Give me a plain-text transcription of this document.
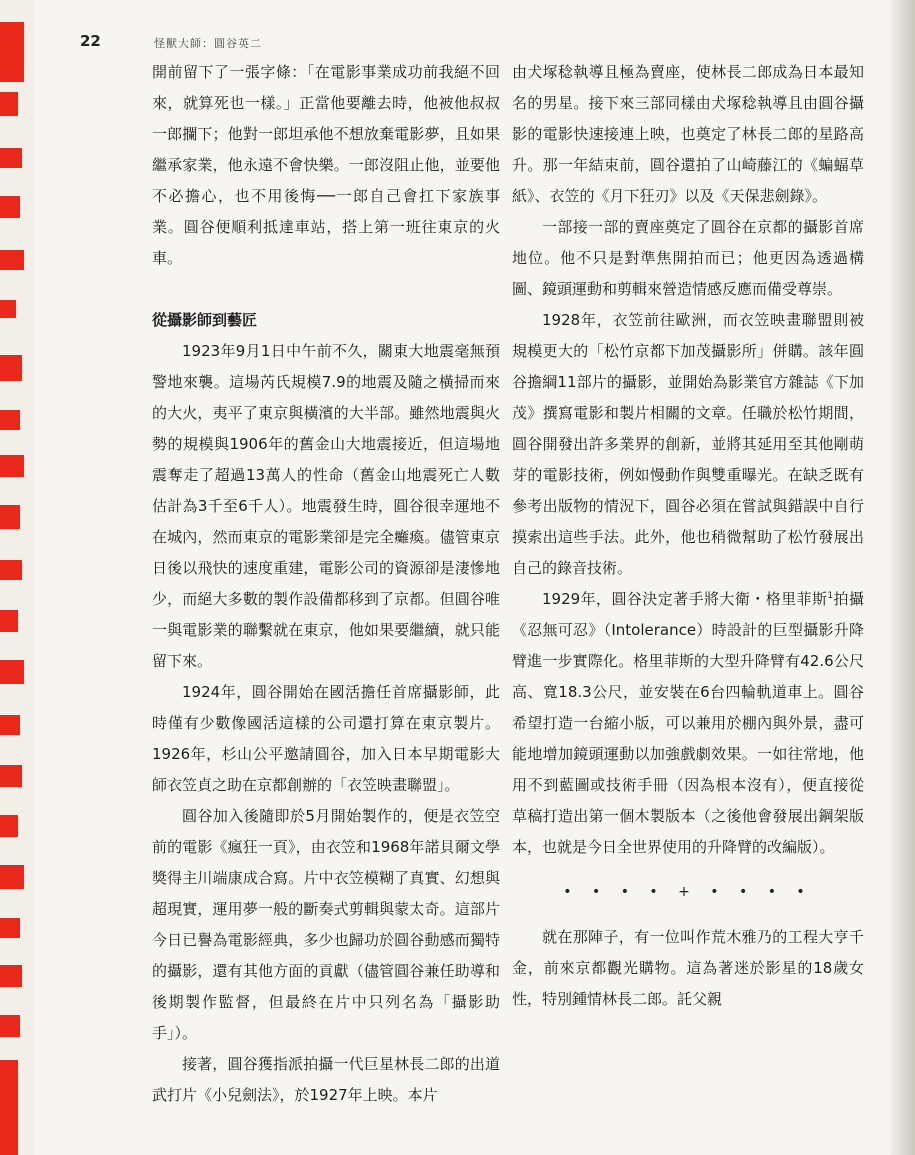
22	怪獸大師：圓谷英二

開前留下了一張字條：「在電影事業成功前我絕不回來，就算死也一樣。」正當他要離去時，他被他叔叔一郎攔下；他對一郎坦承他不想放棄電影夢，且如果繼承家業，他永遠不會快樂。一郎沒阻止他，並要他不必擔心，也不用後悔──一郎自己會扛下家族事業。圓谷便順利抵達車站，搭上第一班往東京的火車。

從攝影師到藝匠

1923年9月1日中午前不久，關東大地震毫無預警地來襲。這場芮氏規模7.9的地震及隨之橫掃而來的大火，夷平了東京與橫濱的大半部。雖然地震與火勢的規模與1906年的舊金山大地震接近，但這場地震奪走了超過13萬人的性命（舊金山地震死亡人數估計為3千至6千人）。地震發生時，圓谷很幸運地不在城內，然而東京的電影業卻是完全癱瘓。儘管東京日後以飛快的速度重建，電影公司的資源卻是淒慘地少，而絕大多數的製作設備都移到了京都。但圓谷唯一與電影業的聯繫就在東京，他如果要繼續，就只能留下來。

1924年，圓谷開始在國活擔任首席攝影師，此時僅有少數像國活這樣的公司還打算在東京製片。1926年，杉山公平邀請圓谷，加入日本早期電影大師衣笠貞之助在京都創辦的「衣笠映畫聯盟」。

圓谷加入後隨即於5月開始製作的，便是衣笠空前的電影《瘋狂一頁》，由衣笠和1968年諾貝爾文學獎得主川端康成合寫。片中衣笠模糊了真實、幻想與超現實，運用夢一般的斷奏式剪輯與蒙太奇。這部片今日已譽為電影經典，多少也歸功於圓谷動感而獨特的攝影，還有其他方面的貢獻（儘管圓谷兼任助導和後期製作監督，但最終在片中只列名為「攝影助手」）。

接著，圓谷獲指派拍攝一代巨星林長二郎的出道武打片《小兒劍法》，於1927年上映。本片

由犬塚稔執導且極為賣座，使林長二郎成為日本最知名的男星。接下來三部同樣由犬塚稔執導且由圓谷攝影的電影快速接連上映，也奠定了林長二郎的星路高升。那一年結束前，圓谷還拍了山崎藤江的《蝙蝠草紙》、衣笠的《月下狂刃》以及《天保悲劍錄》。

一部接一部的賣座奠定了圓谷在京都的攝影首席地位。他不只是對準焦開拍而已；他更因為透過構圖、鏡頭運動和剪輯來營造情感反應而備受尊崇。

1928年，衣笠前往歐洲，而衣笠映畫聯盟則被規模更大的「松竹京都下加茂攝影所」併購。該年圓谷擔綱11部片的攝影，並開始為影業官方雜誌《下加茂》撰寫電影和製片相關的文章。任職於松竹期間，圓谷開發出許多業界的創新，並將其延用至其他剛萌芽的電影技術，例如慢動作與雙重曝光。在缺乏既有參考出版物的情況下，圓谷必須在嘗試與錯誤中自行摸索出這些手法。此外，他也稍微幫助了松竹發展出自己的錄音技術。

1929年，圓谷決定著手將大衛・格里菲斯$^1$拍攝《忍無可忍》（Intolerance）時設計的巨型攝影升降臂進一步實際化。格里菲斯的大型升降臂有42.6公尺高、寬18.3公尺，並安裝在6台四輪軌道車上。圓谷希望打造一台縮小版，可以兼用於棚內與外景，盡可能地增加鏡頭運動以加強戲劇效果。一如往常地，他用不到藍圖或技術手冊（因為根本沒有），便直接從草稿打造出第一個木製版本（之後他會發展出鋼架版本，也就是今日全世界使用的升降臂的改編版）。

• • • • + • • • •

就在那陣子，有一位叫作荒木雅乃的工程大亨千金，前來京都觀光購物。這為著迷於影星的18歲女性，特別鍾情林長二郎。託父親
